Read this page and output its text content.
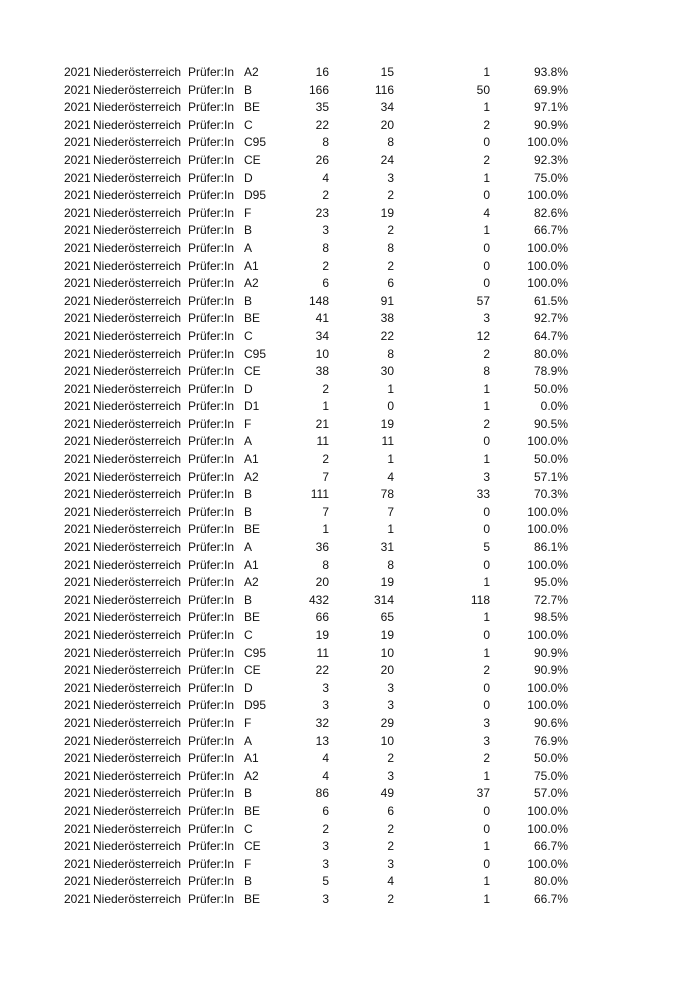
2021 Niederösterreich Prüfer:In A2	16	15	1	93.8%
2021 Niederösterreich Prüfer:In B	166	116	50	69.9%
2021 Niederösterreich Prüfer:In BE	35	34	1	97.1%
2021 Niederösterreich Prüfer:In C	22	20	2	90.9%
2021 Niederösterreich Prüfer:In C95	8	8	0	100.0%
2021 Niederösterreich Prüfer:In CE	26	24	2	92.3%
2021 Niederösterreich Prüfer:In D	4	3	1	75.0%
2021 Niederösterreich Prüfer:In D95	2	2	0	100.0%
2021 Niederösterreich Prüfer:In F	23	19	4	82.6%
2021 Niederösterreich Prüfer:In B	3	2	1	66.7%
2021 Niederösterreich Prüfer:In A	8	8	0	100.0%
2021 Niederösterreich Prüfer:In A1	2	2	0	100.0%
2021 Niederösterreich Prüfer:In A2	6	6	0	100.0%
2021 Niederösterreich Prüfer:In B	148	91	57	61.5%
2021 Niederösterreich Prüfer:In BE	41	38	3	92.7%
2021 Niederösterreich Prüfer:In C	34	22	12	64.7%
2021 Niederösterreich Prüfer:In C95	10	8	2	80.0%
2021 Niederösterreich Prüfer:In CE	38	30	8	78.9%
2021 Niederösterreich Prüfer:In D	2	1	1	50.0%
2021 Niederösterreich Prüfer:In D1	1	0	1	0.0%
2021 Niederösterreich Prüfer:In F	21	19	2	90.5%
2021 Niederösterreich Prüfer:In A	11	11	0	100.0%
2021 Niederösterreich Prüfer:In A1	2	1	1	50.0%
2021 Niederösterreich Prüfer:In A2	7	4	3	57.1%
2021 Niederösterreich Prüfer:In B	111	78	33	70.3%
2021 Niederösterreich Prüfer:In B	7	7	0	100.0%
2021 Niederösterreich Prüfer:In BE	1	1	0	100.0%
2021 Niederösterreich Prüfer:In A	36	31	5	86.1%
2021 Niederösterreich Prüfer:In A1	8	8	0	100.0%
2021 Niederösterreich Prüfer:In A2	20	19	1	95.0%
2021 Niederösterreich Prüfer:In B	432	314	118	72.7%
2021 Niederösterreich Prüfer:In BE	66	65	1	98.5%
2021 Niederösterreich Prüfer:In C	19	19	0	100.0%
2021 Niederösterreich Prüfer:In C95	11	10	1	90.9%
2021 Niederösterreich Prüfer:In CE	22	20	2	90.9%
2021 Niederösterreich Prüfer:In D	3	3	0	100.0%
2021 Niederösterreich Prüfer:In D95	3	3	0	100.0%
2021 Niederösterreich Prüfer:In F	32	29	3	90.6%
2021 Niederösterreich Prüfer:In A	13	10	3	76.9%
2021 Niederösterreich Prüfer:In A1	4	2	2	50.0%
2021 Niederösterreich Prüfer:In A2	4	3	1	75.0%
2021 Niederösterreich Prüfer:In B	86	49	37	57.0%
2021 Niederösterreich Prüfer:In BE	6	6	0	100.0%
2021 Niederösterreich Prüfer:In C	2	2	0	100.0%
2021 Niederösterreich Prüfer:In CE	3	2	1	66.7%
2021 Niederösterreich Prüfer:In F	3	3	0	100.0%
2021 Niederösterreich Prüfer:In B	5	4	1	80.0%
2021 Niederösterreich Prüfer:In BE	3	2	1	66.7%
